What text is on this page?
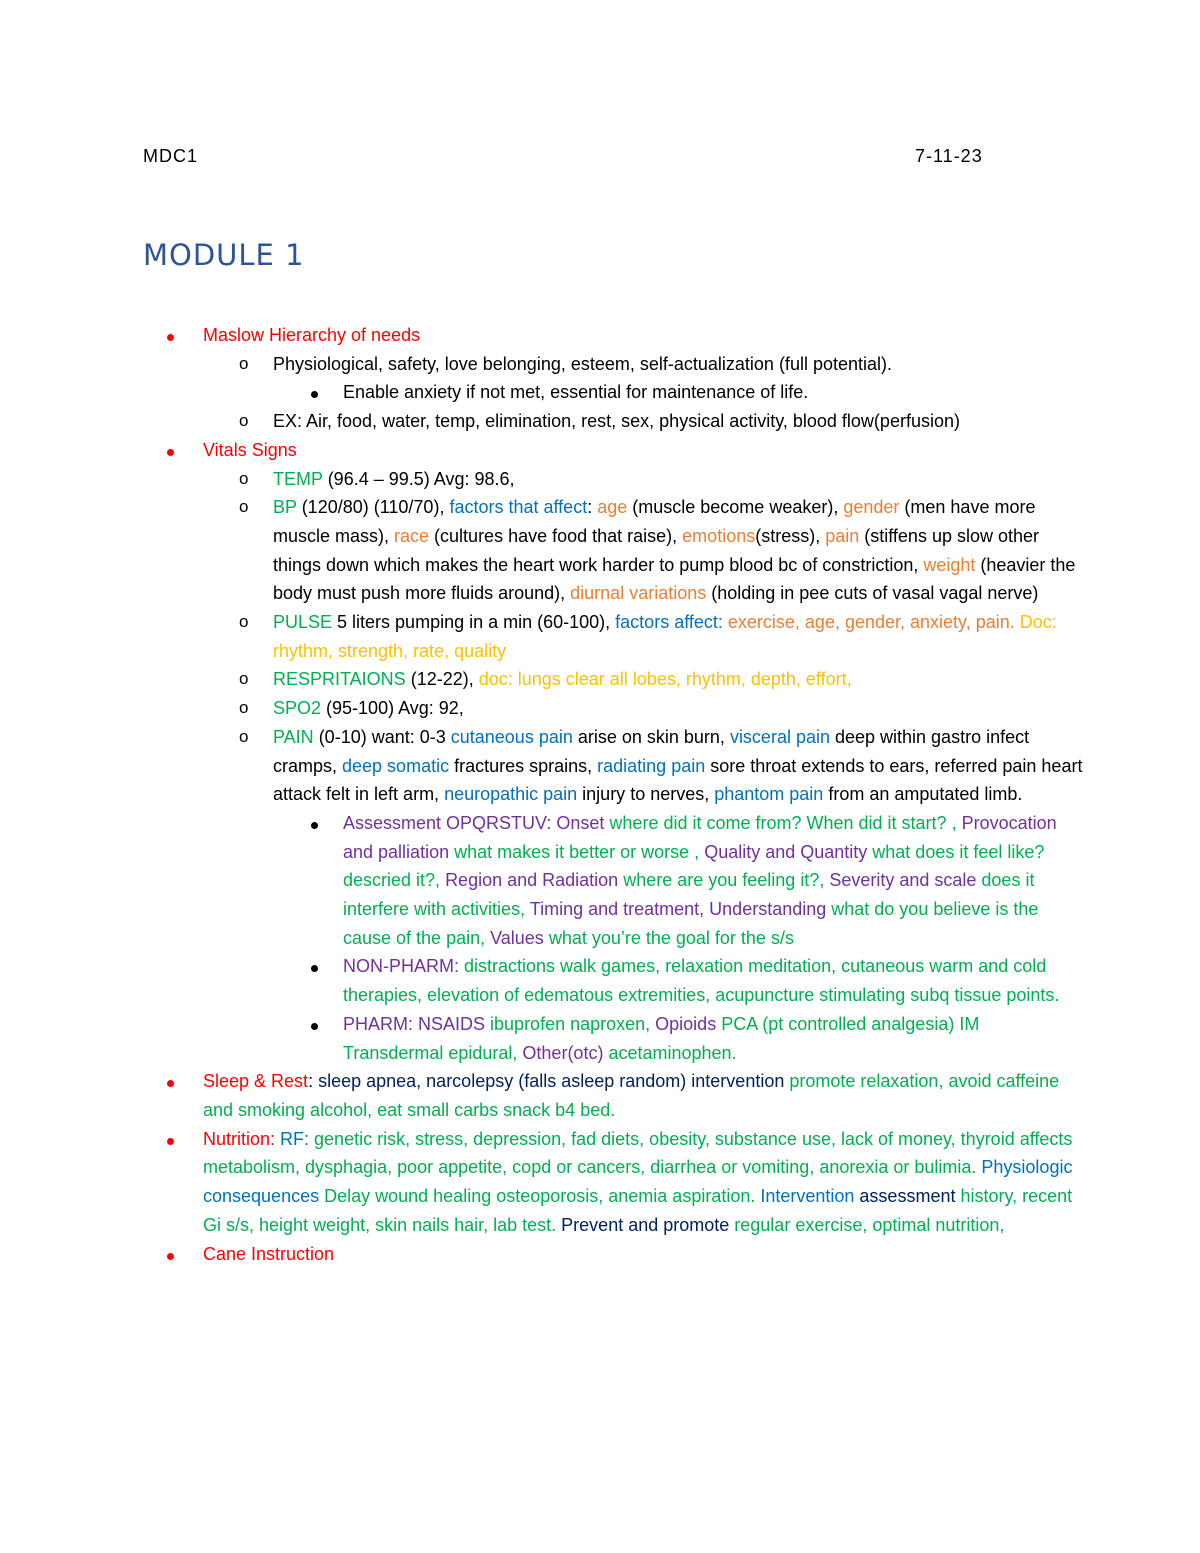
MDC1	7-11-23
MODULE 1
Maslow Hierarchy of needs
o Physiological, safety, love belonging, esteem, self-actualization (full potential).
Enable anxiety if not met, essential for maintenance of life.
o EX: Air, food, water, temp, elimination, rest, sex, physical activity, blood flow(perfusion)
Vitals Signs
o TEMP (96.4 – 99.5) Avg: 98.6,
o BP (120/80) (110/70), factors that affect: age (muscle become weaker), gender (men have more muscle mass), race (cultures have food that raise), emotions(stress), pain (stiffens up slow other things down which makes the heart work harder to pump blood bc of constriction, weight (heavier the body must push more fluids around), diurnal variations (holding in pee cuts of vasal vagal nerve)
o PULSE 5 liters pumping in a min (60-100), factors affect: exercise, age, gender, anxiety, pain. Doc: rhythm, strength, rate, quality
o RESPRITAIONS (12-22), doc: lungs clear all lobes, rhythm, depth, effort,
o SPO2 (95-100) Avg: 92,
o PAIN (0-10) want: 0-3 cutaneous pain arise on skin burn, visceral pain deep within gastro infect cramps, deep somatic fractures sprains, radiating pain sore throat extends to ears, referred pain heart attack felt in left arm, neuropathic pain injury to nerves, phantom pain from an amputated limb.
Assessment OPQRSTUV: Onset where did it come from? When did it start? , Provocation and palliation what makes it better or worse , Quality and Quantity what does it feel like? descried it?, Region and Radiation where are you feeling it?, Severity and scale does it interfere with activities, Timing and treatment, Understanding what do you believe is the cause of the pain, Values what you’re the goal for the s/s
NON-PHARM: distractions walk games, relaxation meditation, cutaneous warm and cold therapies, elevation of edematous extremities, acupuncture stimulating subq tissue points.
PHARM: NSAIDS ibuprofen naproxen, Opioids PCA (pt controlled analgesia) IM Transdermal epidural, Other(otc) acetaminophen.
Sleep & Rest: sleep apnea, narcolepsy (falls asleep random) intervention promote relaxation, avoid caffeine and smoking alcohol, eat small carbs snack b4 bed.
Nutrition: RF: genetic risk, stress, depression, fad diets, obesity, substance use, lack of money, thyroid affects metabolism, dysphagia, poor appetite, copd or cancers, diarrhea or vomiting, anorexia or bulimia. Physiologic consequences Delay wound healing osteoporosis, anemia aspiration. Intervention assessment history, recent Gi s/s, height weight, skin nails hair, lab test. Prevent and promote regular exercise, optimal nutrition,
Cane Instruction
